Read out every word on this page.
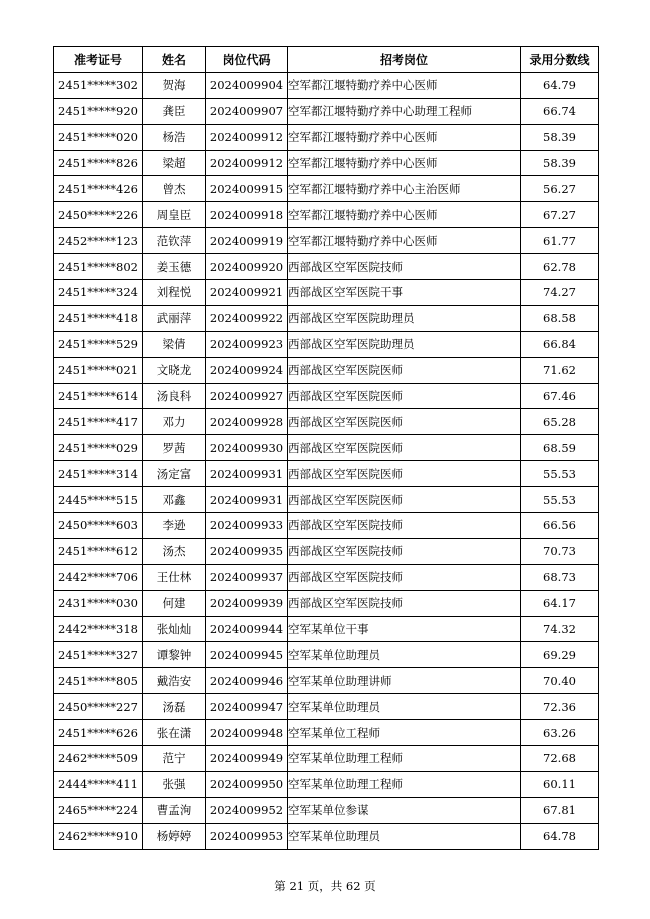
准考证号	姓名	岗位代码	招考岗位	录用分数线
2451*****302	贺海	2024009904	空军都江堰特勤疗养中心医师	64.79
2451*****920	龚臣	2024009907	空军都江堰特勤疗养中心助理工程师	66.74
2451*****020	杨浩	2024009912	空军都江堰特勤疗养中心医师	58.39
2451*****826	梁超	2024009912	空军都江堰特勤疗养中心医师	58.39
2451*****426	曾杰	2024009915	空军都江堰特勤疗养中心主治医师	56.27
2450*****226	周皇臣	2024009918	空军都江堰特勤疗养中心医师	67.27
2452*****123	范钦萍	2024009919	空军都江堰特勤疗养中心医师	61.77
2451*****802	姜玉德	2024009920	西部战区空军医院技师	62.78
2451*****324	刘程悦	2024009921	西部战区空军医院干事	74.27
2451*****418	武丽萍	2024009922	西部战区空军医院助理员	68.58
2451*****529	梁倩	2024009923	西部战区空军医院助理员	66.84
2451*****021	文晓龙	2024009924	西部战区空军医院医师	71.62
2451*****614	汤良科	2024009927	西部战区空军医院医师	67.46
2451*****417	邓力	2024009928	西部战区空军医院医师	65.28
2451*****029	罗茜	2024009930	西部战区空军医院医师	68.59
2451*****314	汤定富	2024009931	西部战区空军医院医师	55.53
2445*****515	邓鑫	2024009931	西部战区空军医院医师	55.53
2450*****603	李逊	2024009933	西部战区空军医院技师	66.56
2451*****612	汤杰	2024009935	西部战区空军医院技师	70.73
2442*****706	王仕林	2024009937	西部战区空军医院技师	68.73
2431*****030	何建	2024009939	西部战区空军医院技师	64.17
2442*****318	张灿灿	2024009944	空军某单位干事	74.32
2451*****327	谭黎钟	2024009945	空军某单位助理员	69.29
2451*****805	戴浩安	2024009946	空军某单位助理讲师	70.40
2450*****227	汤磊	2024009947	空军某单位助理员	72.36
2451*****626	张在潇	2024009948	空军某单位工程师	63.26
2462*****509	范宁	2024009949	空军某单位助理工程师	72.68
2444*****411	张强	2024009950	空军某单位助理工程师	60.11
2465*****224	曹孟洵	2024009952	空军某单位参谋	67.81
2462*****910	杨婷婷	2024009953	空军某单位助理员	64.78
第 21 页，共 62 页
